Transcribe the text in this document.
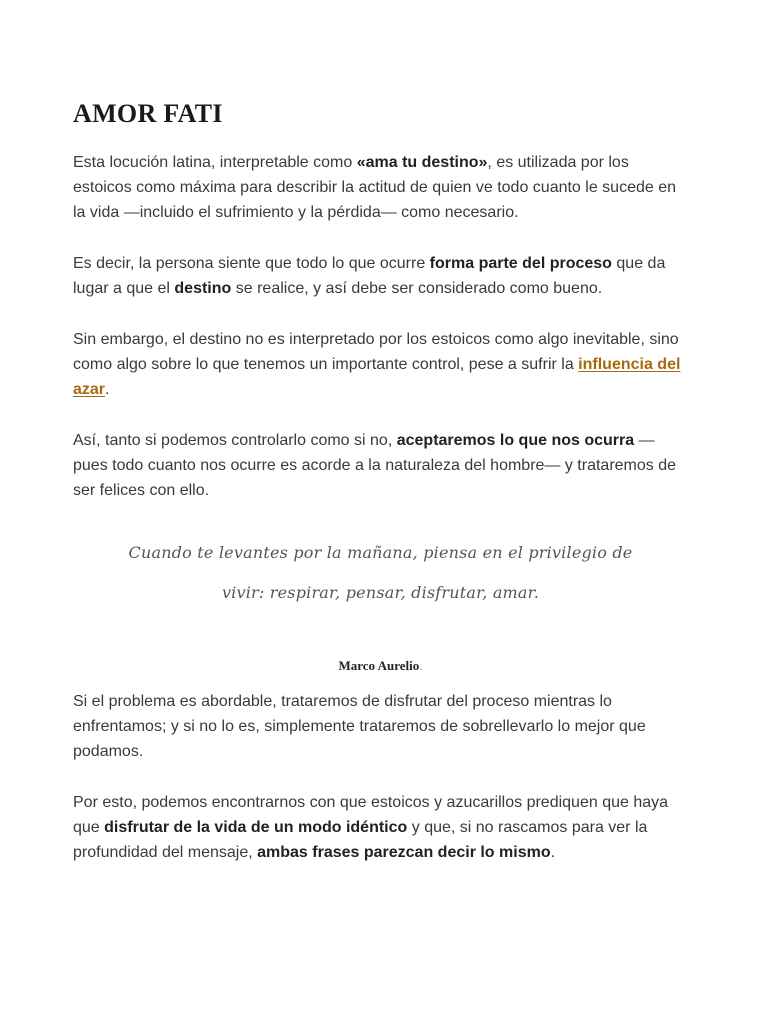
AMOR FATI

Esta locución latina, interpretable como «ama tu destino», es utilizada por los estoicos como máxima para describir la actitud de quien ve todo cuanto le sucede en la vida —incluido el sufrimiento y la pérdida— como necesario.

Es decir, la persona siente que todo lo que ocurre forma parte del proceso que da lugar a que el destino se realice, y así debe ser considerado como bueno.

Sin embargo, el destino no es interpretado por los estoicos como algo inevitable, sino como algo sobre lo que tenemos un importante control, pese a sufrir la influencia del azar.

Así, tanto si podemos controlarlo como si no, aceptaremos lo que nos ocurra —pues todo cuanto nos ocurre es acorde a la naturaleza del hombre— y trataremos de ser felices con ello.

Cuando te levantes por la mañana, piensa en el privilegio de
vivir: respirar, pensar, disfrutar, amar.
Marco Aurelio.

Si el problema es abordable, trataremos de disfrutar del proceso mientras lo enfrentamos; y si no lo es, simplemente trataremos de sobrellevarlo lo mejor que podamos.

Por esto, podemos encontrarnos con que estoicos y azucarillos prediquen que haya que disfrutar de la vida de un modo idéntico y que, si no rascamos para ver la profundidad del mensaje, ambas frases parezcan decir lo mismo.
